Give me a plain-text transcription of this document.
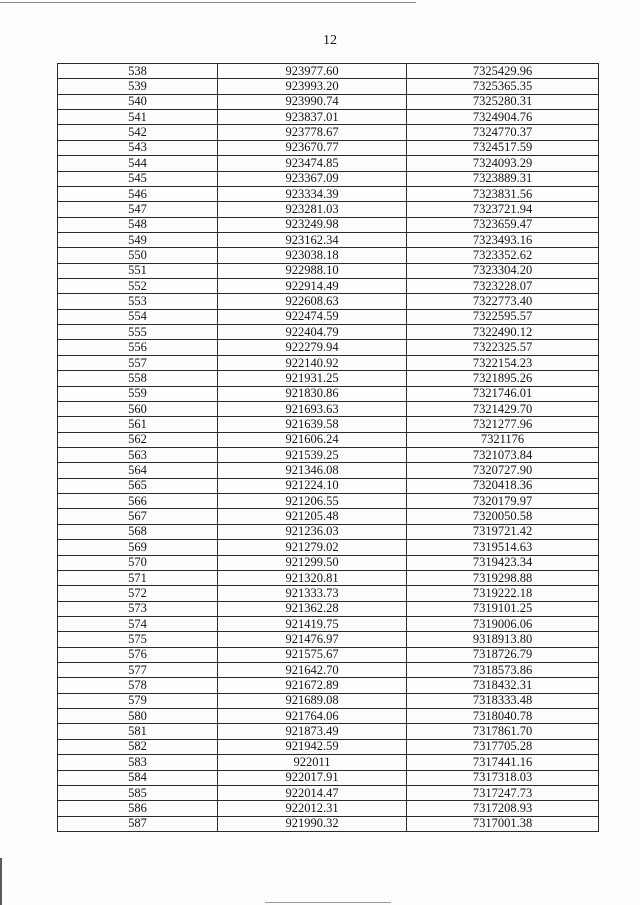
12
538	923977.60	7325429.96
539	923993.20	7325365.35
540	923990.74	7325280.31
541	923837.01	7324904.76
542	923778.67	7324770.37
543	923670.77	7324517.59
544	923474.85	7324093.29
545	923367.09	7323889.31
546	923334.39	7323831.56
547	923281.03	7323721.94
548	923249.98	7323659.47
549	923162.34	7323493.16
550	923038.18	7323352.62
551	922988.10	7323304.20
552	922914.49	7323228.07
553	922608.63	7322773.40
554	922474.59	7322595.57
555	922404.79	7322490.12
556	922279.94	7322325.57
557	922140.92	7322154.23
558	921931.25	7321895.26
559	921830.86	7321746.01
560	921693.63	7321429.70
561	921639.58	7321277.96
562	921606.24	7321176
563	921539.25	7321073.84
564	921346.08	7320727.90
565	921224.10	7320418.36
566	921206.55	7320179.97
567	921205.48	7320050.58
568	921236.03	7319721.42
569	921279.02	7319514.63
570	921299.50	7319423.34
571	921320.81	7319298.88
572	921333.73	7319222.18
573	921362.28	7319101.25
574	921419.75	7319006.06
575	921476.97	9318913.80
576	921575.67	7318726.79
577	921642.70	7318573.86
578	921672.89	7318432.31
579	921689.08	7318333.48
580	921764.06	7318040.78
581	921873.49	7317861.70
582	921942.59	7317705.28
583	922011	7317441.16
584	922017.91	7317318.03
585	922014.47	7317247.73
586	922012.31	7317208.93
587	921990.32	7317001.38
